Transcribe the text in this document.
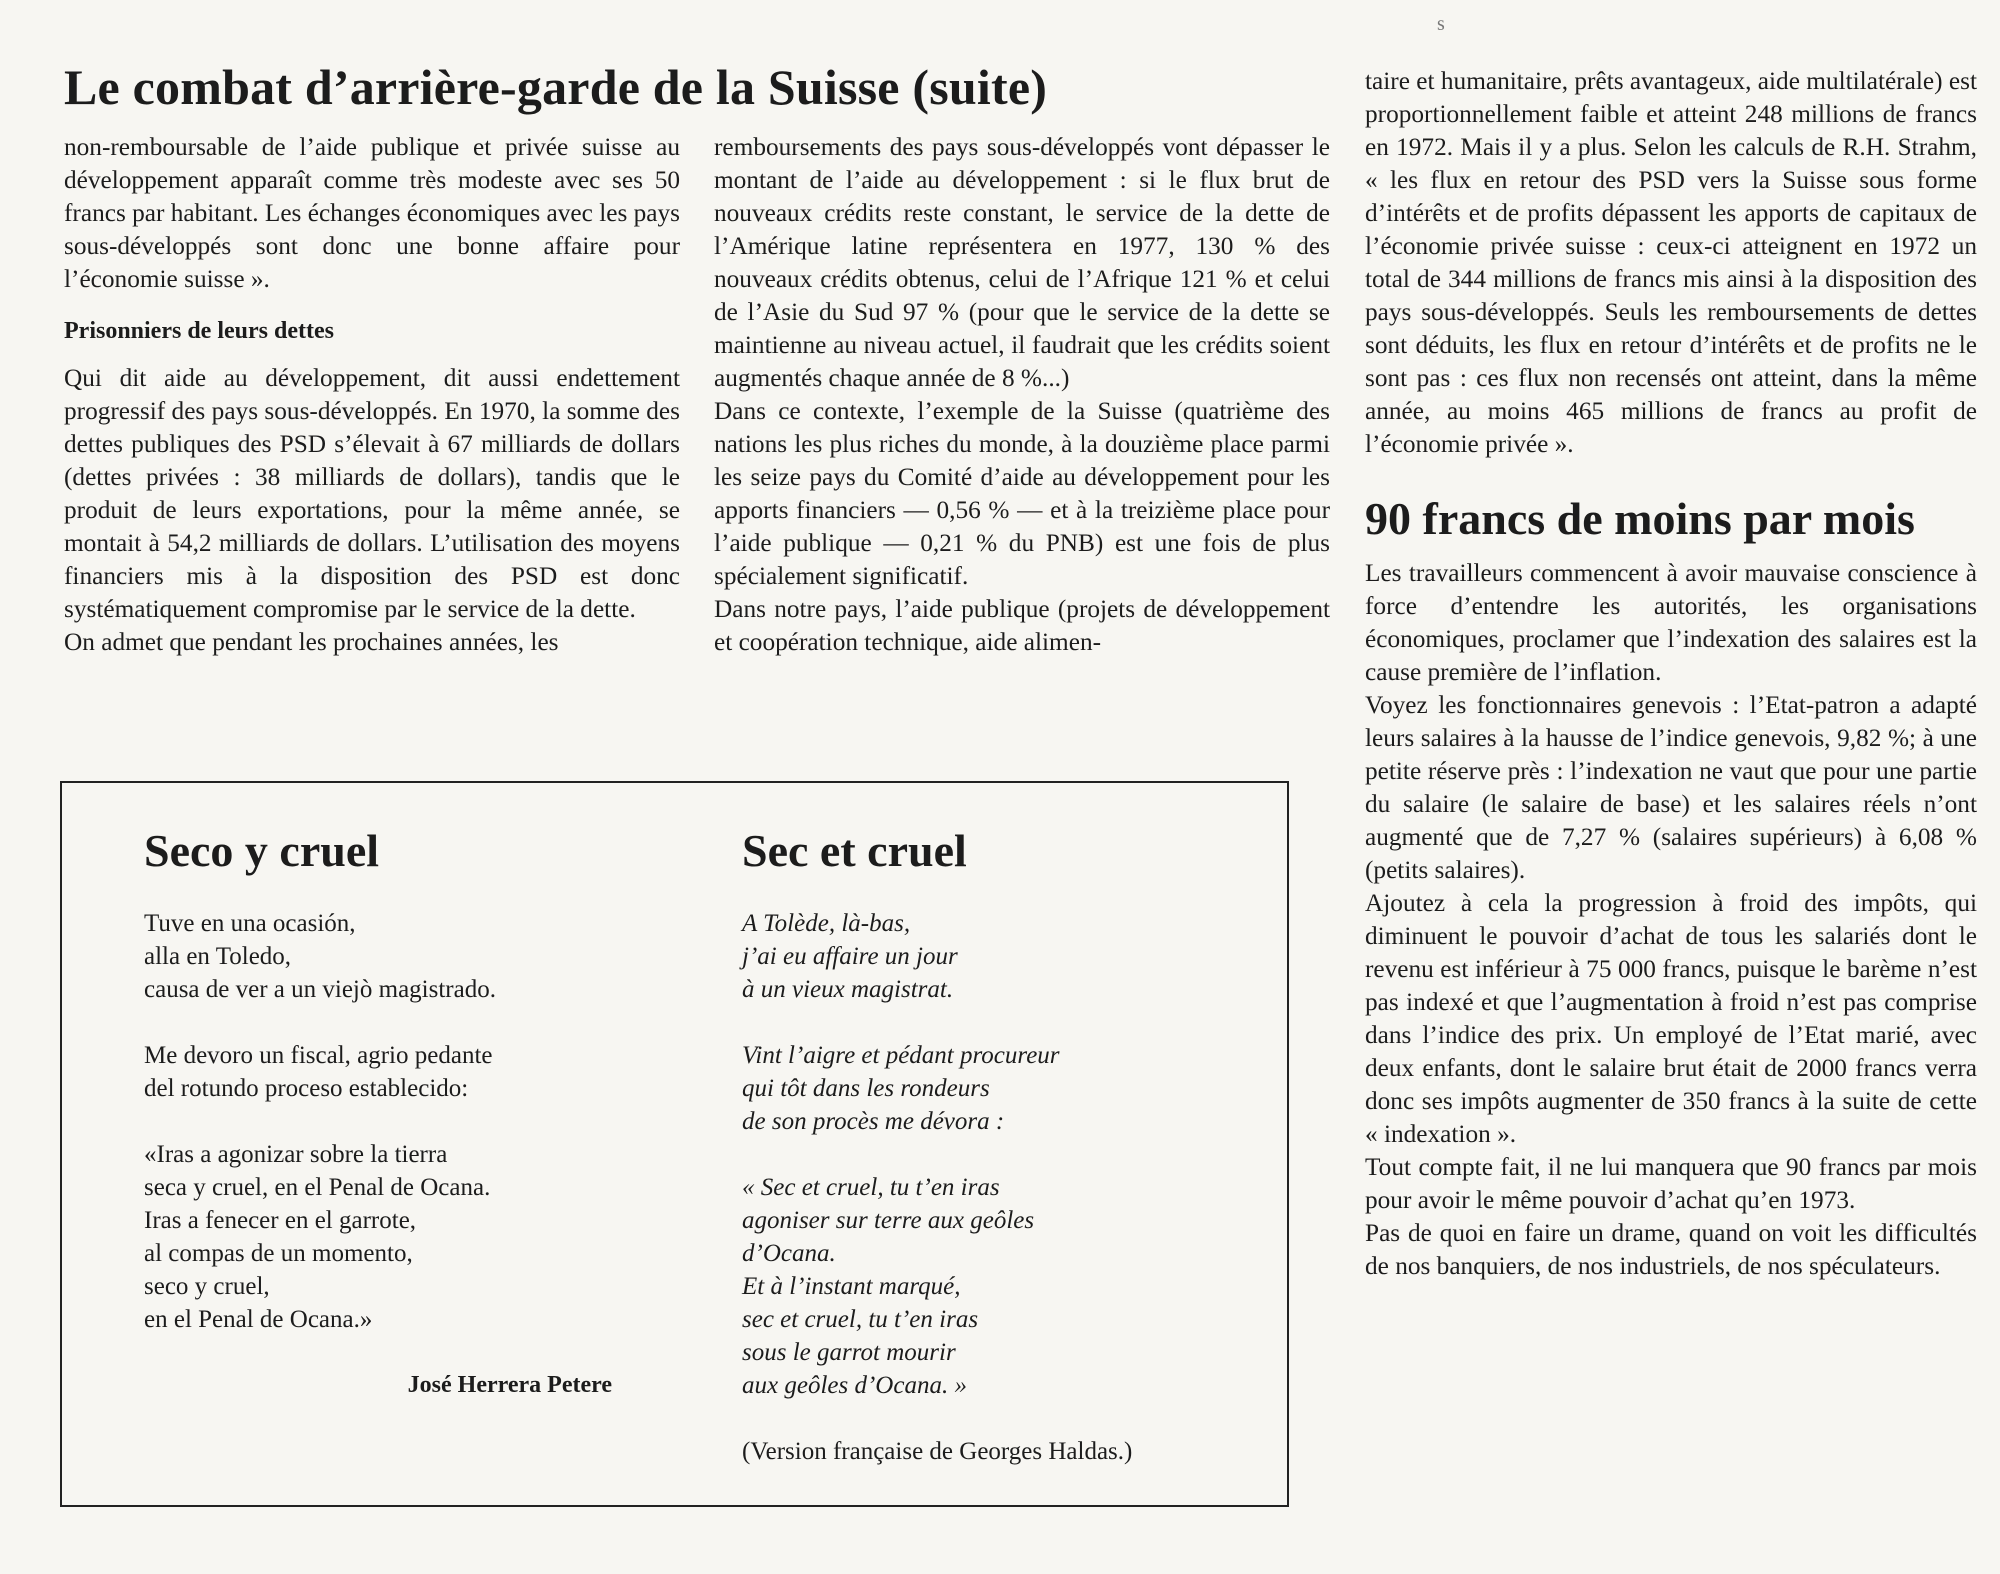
s
Le combat d’arrière-garde de la Suisse (suite)

non-remboursable de l’aide publique et privée suisse au développement apparaît comme très modeste avec ses 50 francs par habitant. Les échanges économiques avec les pays sous-développés sont donc une bonne affaire pour l’économie suisse ».

Prisonniers de leurs dettes

Qui dit aide au développement, dit aussi endettement progressif des pays sous-développés. En 1970, la somme des dettes publiques des PSD s’élevait à 67 milliards de dollars (dettes privées : 38 milliards de dollars), tandis que le produit de leurs exportations, pour la même année, se montait à 54,2 milliards de dollars. L’utilisation des moyens financiers mis à la disposition des PSD est donc systématiquement compromise par le service de la dette.

On admet que pendant les prochaines années, les

remboursements des pays sous-développés vont dépasser le montant de l’aide au développement : si le flux brut de nouveaux crédits reste constant, le service de la dette de l’Amérique latine représentera en 1977, 130 % des nouveaux crédits obtenus, celui de l’Afrique 121 % et celui de l’Asie du Sud 97 % (pour que le service de la dette se maintienne au niveau actuel, il faudrait que les crédits soient augmentés chaque année de 8 %...)

Dans ce contexte, l’exemple de la Suisse (quatrième des nations les plus riches du monde, à la douzième place parmi les seize pays du Comité d’aide au développement pour les apports financiers — 0,56 % — et à la treizième place pour l’aide publique — 0,21 % du PNB) est une fois de plus spécialement significatif.

Dans notre pays, l’aide publique (projets de développement et coopération technique, aide alimen-

taire et humanitaire, prêts avantageux, aide multilatérale) est proportionnellement faible et atteint 248 millions de francs en 1972. Mais il y a plus. Selon les calculs de R.H. Strahm, « les flux en retour des PSD vers la Suisse sous forme d’intérêts et de profits dépassent les apports de capitaux de l’économie privée suisse : ceux-ci atteignent en 1972 un total de 344 millions de francs mis ainsi à la disposition des pays sous-développés. Seuls les remboursements de dettes sont déduits, les flux en retour d’intérêts et de profits ne le sont pas : ces flux non recensés ont atteint, dans la même année, au moins 465 millions de francs au profit de l’économie privée ».

90 francs de moins par mois

Les travailleurs commencent à avoir mauvaise conscience à force d’entendre les autorités, les organisations économiques, proclamer que l’indexation des salaires est la cause première de l’inflation.

Voyez les fonctionnaires genevois : l’Etat-patron a adapté leurs salaires à la hausse de l’indice genevois, 9,82 %; à une petite réserve près : l’indexation ne vaut que pour une partie du salaire (le salaire de base) et les salaires réels n’ont augmenté que de 7,27 % (salaires supérieurs) à 6,08 % (petits salaires).

Ajoutez à cela la progression à froid des impôts, qui diminuent le pouvoir d’achat de tous les salariés dont le revenu est inférieur à 75 000 francs, puisque le barème n’est pas indexé et que l’augmentation à froid n’est pas comprise dans l’indice des prix. Un employé de l’Etat marié, avec deux enfants, dont le salaire brut était de 2000 francs verra donc ses impôts augmenter de 350 francs à la suite de cette « indexation ».

Tout compte fait, il ne lui manquera que 90 francs par mois pour avoir le même pouvoir d’achat qu’en 1973.

Pas de quoi en faire un drame, quand on voit les difficultés de nos banquiers, de nos industriels, de nos spéculateurs.

Seco y cruel
Tuve en una ocasión,
alla en Toledo,
causa de ver a un viejò magistrado.
Me devoro un fiscal, agrio pedante
del rotundo proceso establecido:
«Iras a agonizar sobre la tierra
seca y cruel, en el Penal de Ocana.
Iras a fenecer en el garrote,
al compas de un momento,
seco y cruel,
en el Penal de Ocana.»
José Herrera Petere
Sec et cruel
A Tolède, là-bas,
j’ai eu affaire un jour
à un vieux magistrat.
Vint l’aigre et pédant procureur
qui tôt dans les rondeurs
de son procès me dévora :
« Sec et cruel, tu t’en iras
agoniser sur terre aux geôles
d’Ocana.
Et à l’instant marqué,
sec et cruel, tu t’en iras
sous le garrot mourir
aux geôles d’Ocana. »
(Version française de Georges Haldas.)
